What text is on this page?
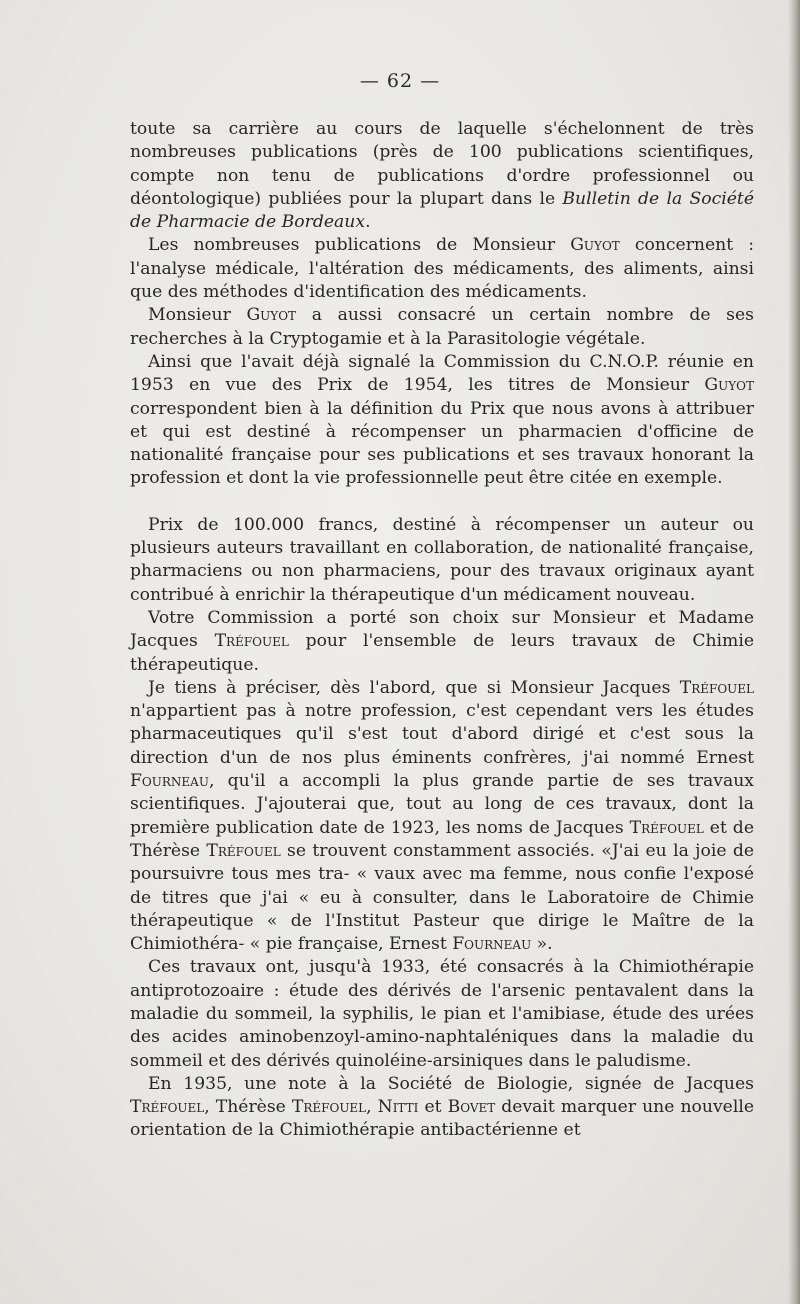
— 62 —

toute sa carrière au cours de laquelle s'échelonnent de très nombreuses publications (près de 100 publications scientifiques, compte non tenu de publications d'ordre professionnel ou déontologique) publiées pour la plupart dans le Bulletin de la Société de Pharmacie de Bordeaux.

Les nombreuses publications de Monsieur Guyot concernent : l'analyse médicale, l'altération des médicaments, des aliments, ainsi que des méthodes d'identification des médicaments.

Monsieur Guyot a aussi consacré un certain nombre de ses recherches à la Cryptogamie et à la Parasitologie végétale.

Ainsi que l'avait déjà signalé la Commission du C.N.O.P. réunie en 1953 en vue des Prix de 1954, les titres de Monsieur Guyot correspondent bien à la définition du Prix que nous avons à attribuer et qui est destiné à récompenser un pharmacien d'officine de nationalité française pour ses publications et ses travaux honorant la profession et dont la vie professionnelle peut être citée en exemple.

Prix de 100.000 francs, destiné à récompenser un auteur ou plusieurs auteurs travaillant en collaboration, de nationalité française, pharmaciens ou non pharmaciens, pour des travaux originaux ayant contribué à enrichir la thérapeutique d'un médicament nouveau.

Votre Commission a porté son choix sur Monsieur et Madame Jacques Tréfouel pour l'ensemble de leurs travaux de Chimie thérapeutique.

Je tiens à préciser, dès l'abord, que si Monsieur Jacques Tréfouel n'appartient pas à notre profession, c'est cependant vers les études pharmaceutiques qu'il s'est tout d'abord dirigé et c'est sous la direction d'un de nos plus éminents confrères, j'ai nommé Ernest Fourneau, qu'il a accompli la plus grande partie de ses travaux scientifiques. J'ajouterai que, tout au long de ces travaux, dont la première publication date de 1923, les noms de Jacques Tréfouel et de Thérèse Tréfouel se trouvent constamment associés. «J'ai eu la joie de poursuivre tous mes tra- « vaux avec ma femme, nous confie l'exposé de titres que j'ai « eu à consulter, dans le Laboratoire de Chimie thérapeutique « de l'Institut Pasteur que dirige le Maître de la Chimiothéra- « pie française, Ernest Fourneau ».

Ces travaux ont, jusqu'à 1933, été consacrés à la Chimiothérapie antiprotozoaire : étude des dérivés de l'arsenic pentavalent dans la maladie du sommeil, la syphilis, le pian et l'amibiase, étude des urées des acides aminobenzoyl-amino-naphtaléniques dans la maladie du sommeil et des dérivés quinoléine-arsiniques dans le paludisme.

En 1935, une note à la Société de Biologie, signée de Jacques Tréfouel, Thérèse Tréfouel, Nitti et Bovet devait marquer une nouvelle orientation de la Chimiothérapie antibactérienne et
